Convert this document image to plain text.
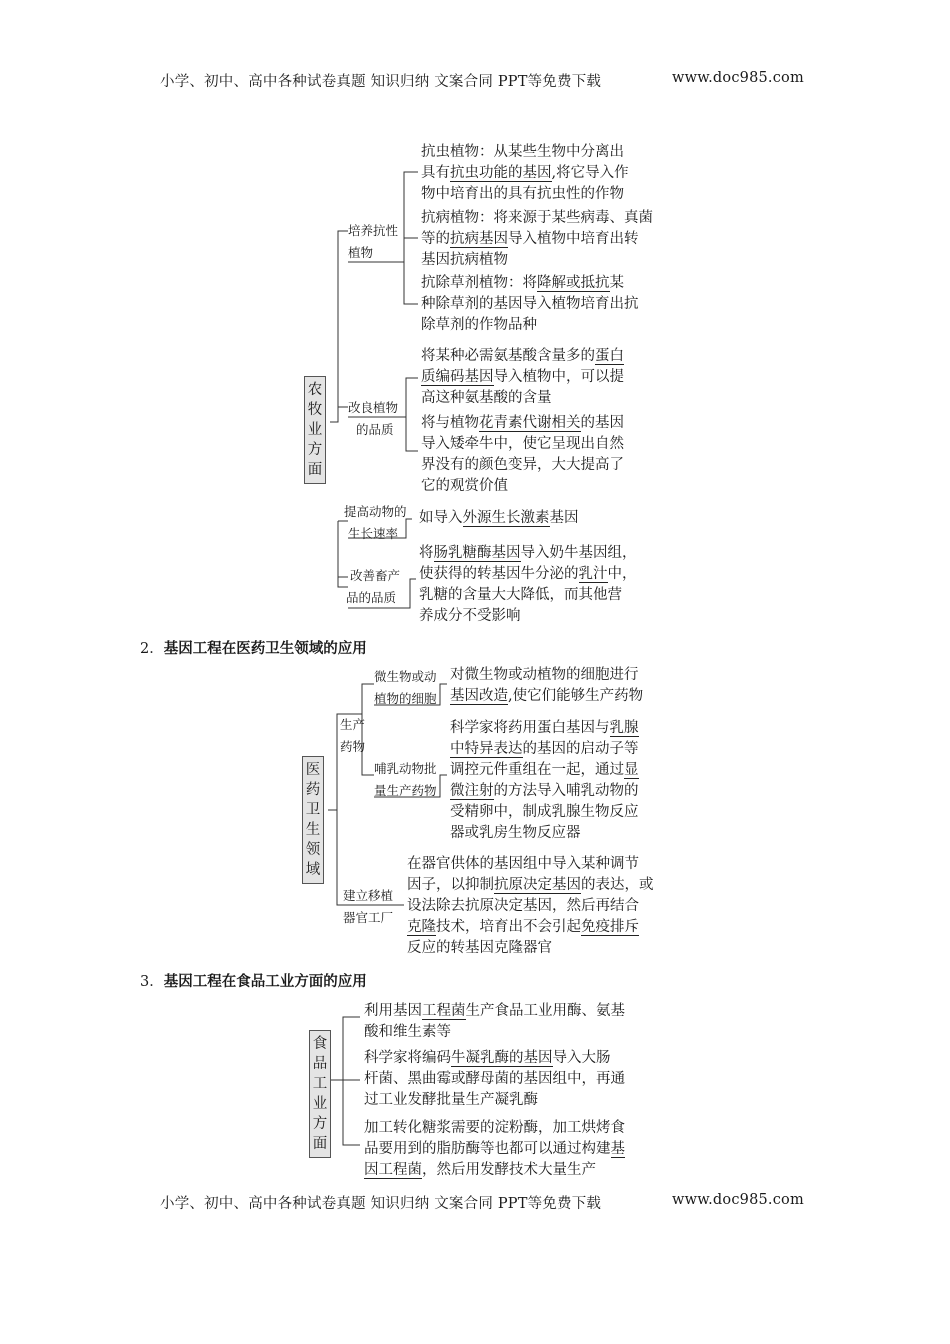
小学、初中、高中各种试卷真题 知识归纳 文案合同 PPT等免费下载	www.doc985.com
农
牧
业
方
面
培养抗性
植物
抗虫植物：从某些生物中分离出
具有抗虫功能的基因,将它导入作
物中培育出的具有抗虫性的作物
抗病植物：将来源于某些病毒、真菌
等的抗病基因导入植物中培育出转
基因抗病植物
抗除草剂植物：将降解或抵抗某
种除草剂的基因导入植物培育出抗
除草剂的作物品种
改良植物
的品质
将某种必需氨基酸含量多的蛋白
质编码基因导入植物中，可以提
高这种氨基酸的含量
将与植物花青素代谢相关的基因
导入矮牵牛中，使它呈现出自然
界没有的颜色变异，大大提高了
它的观赏价值
提高动物的
生长速率
如导入外源生长激素基因
改善畜产
品的品质
将肠乳糖酶基因导入奶牛基因组，
使获得的转基因牛分泌的乳汁中，
乳糖的含量大大降低，而其他营
养成分不受影响
2．基因工程在医药卫生领域的应用
医
药
卫
生
领
域
生产
药物
微生物或动
植物的细胞
对微生物或动植物的细胞进行
基因改造,使它们能够生产药物
哺乳动物批
量生产药物
科学家将药用蛋白基因与乳腺
中特异表达的基因的启动子等
调控元件重组在一起，通过显
微注射的方法导入哺乳动物的
受精卵中，制成乳腺生物反应
器或乳房生物反应器
建立移植
器官工厂
在器官供体的基因组中导入某种调节
因子，以抑制抗原决定基因的表达，或
设法除去抗原决定基因，然后再结合
克隆技术，培育出不会引起免疫排斥
反应的转基因克隆器官
3．基因工程在食品工业方面的应用
食
品
工
业
方
面
利用基因工程菌生产食品工业用酶、氨基
酸和维生素等
科学家将编码牛凝乳酶的基因导入大肠
杆菌、黑曲霉或酵母菌的基因组中，再通
过工业发酵批量生产凝乳酶
加工转化糖浆需要的淀粉酶，加工烘烤食
品要用到的脂肪酶等也都可以通过构建基
因工程菌，然后用发酵技术大量生产
小学、初中、高中各种试卷真题 知识归纳 文案合同 PPT等免费下载	www.doc985.com
